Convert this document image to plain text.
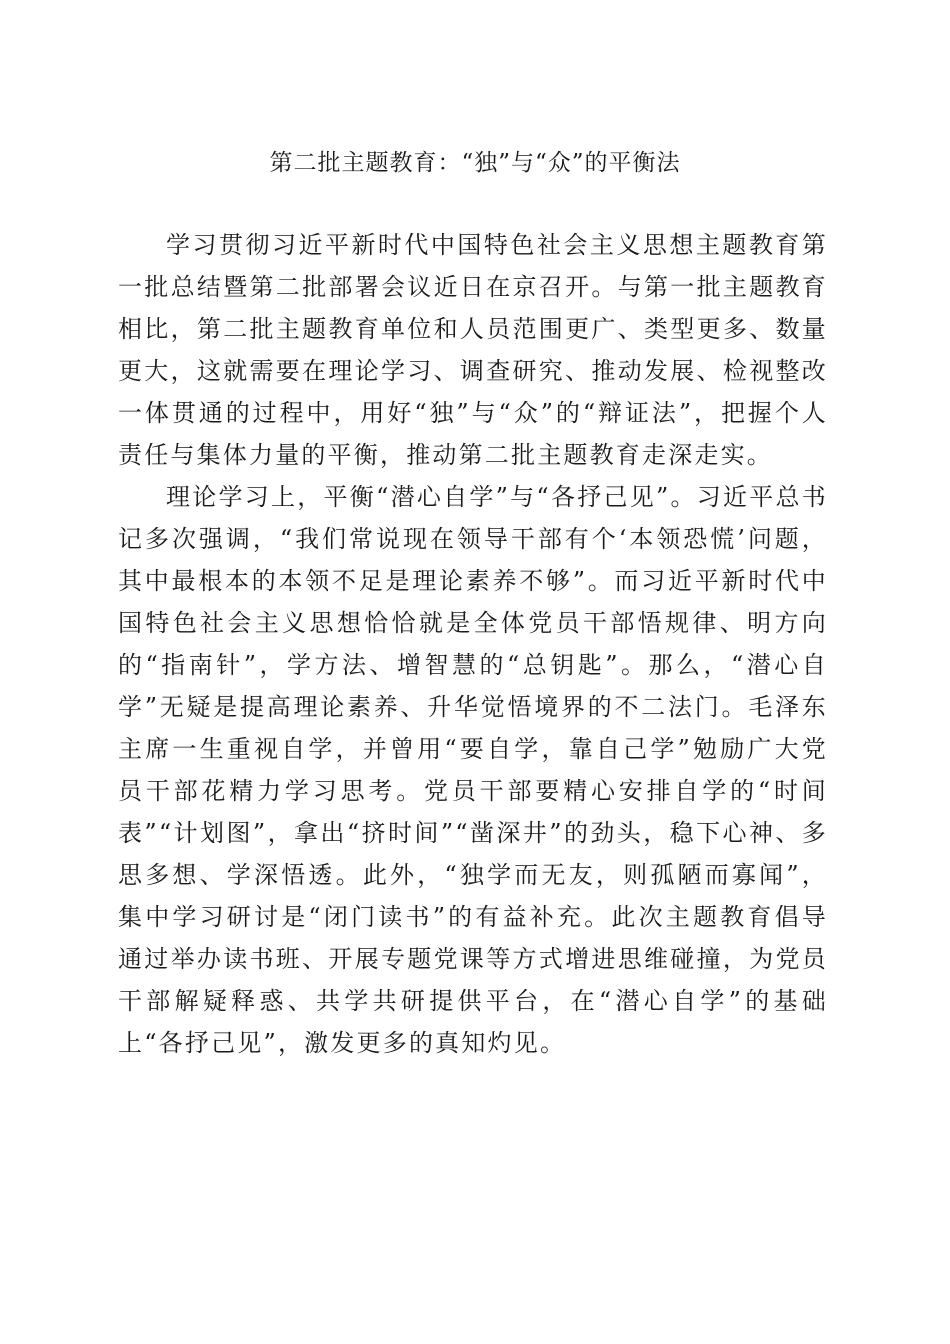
第二批主题教育：“独”与“众”的平衡法

学习贯彻习近平新时代中国特色社会主义思想主题教育第一批总结暨第二批部署会议近日在京召开。与第一批主题教育相比，第二批主题教育单位和人员范围更广、类型更多、数量更大，这就需要在理论学习、调查研究、推动发展、检视整改一体贯通的过程中，用好“独”与“众”的“辩证法”，把握个人责任与集体力量的平衡，推动第二批主题教育走深走实。

理论学习上，平衡“潜心自学”与“各抒己见”。习近平总书记多次强调，“我们常说现在领导干部有个‘本领恐慌’问题，其中最根本的本领不足是理论素养不够”。而习近平新时代中国特色社会主义思想恰恰就是全体党员干部悟规律、明方向的“指南针”，学方法、增智慧的“总钥匙”。那么，“潜心自学”无疑是提高理论素养、升华觉悟境界的不二法门。毛泽东主席一生重视自学，并曾用“要自学，靠自己学”勉励广大党员干部花精力学习思考。党员干部要精心安排自学的“时间表”“计划图”，拿出“挤时间”“凿深井”的劲头，稳下心神、多思多想、学深悟透。此外，“独学而无友，则孤陋而寡闻”，集中学习研讨是“闭门读书”的有益补充。此次主题教育倡导通过举办读书班、开展专题党课等方式增进思维碰撞，为党员干部解疑释惑、共学共研提供平台，在“潜心自学”的基础上“各抒己见”，激发更多的真知灼见。
